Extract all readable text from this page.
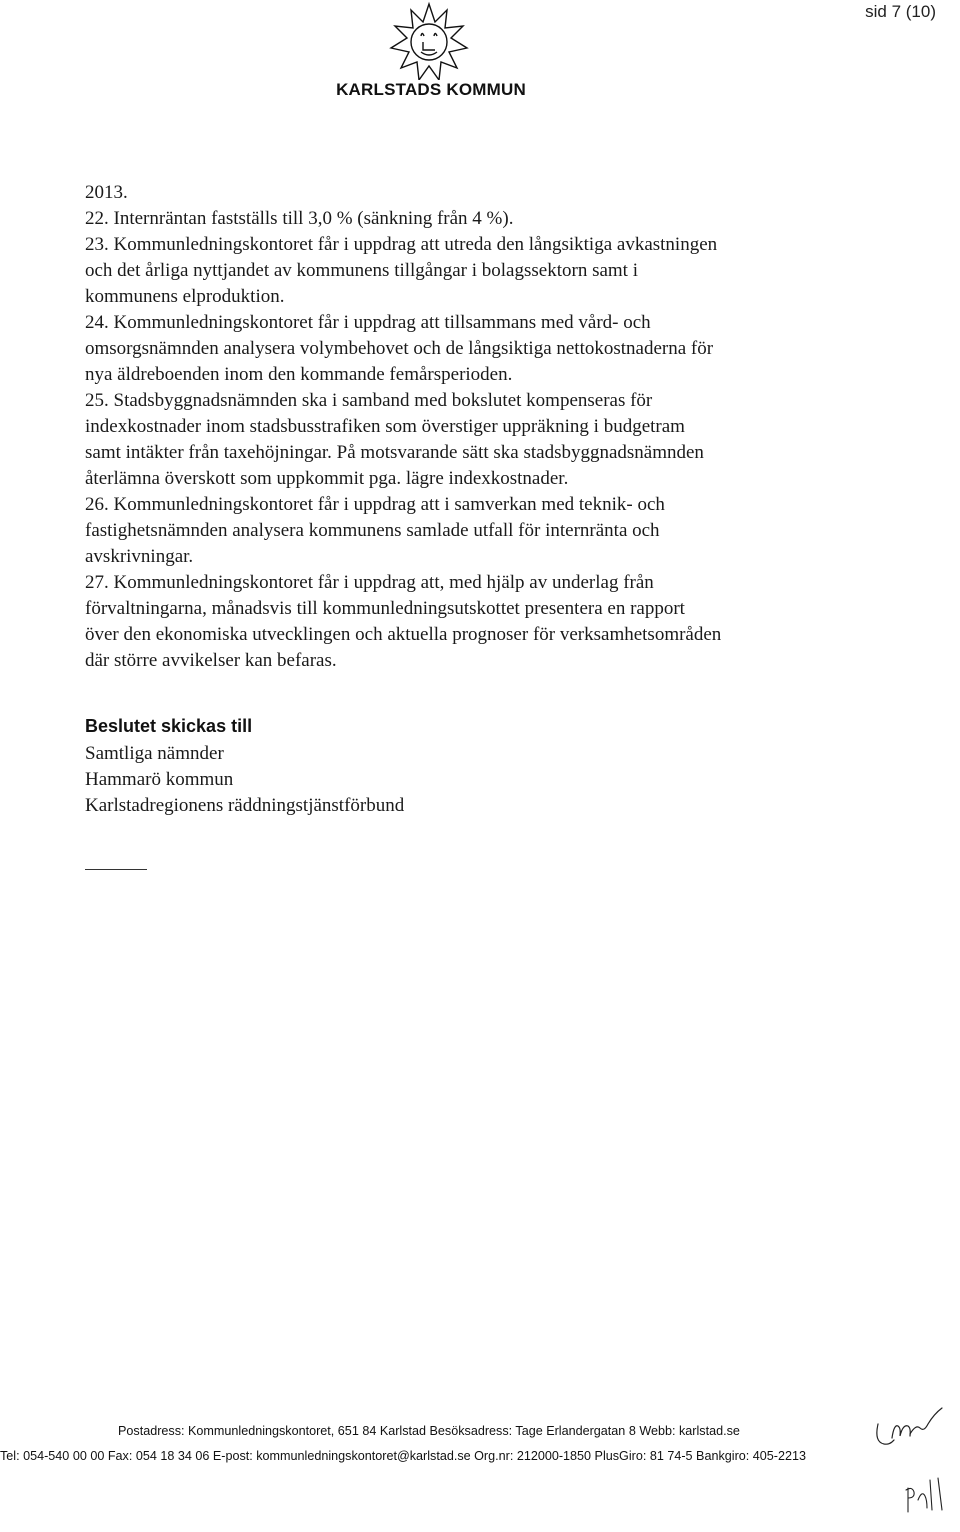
sid 7 (10)
KARLSTADS KOMMUN

2013.

22. Internräntan fastställs till 3,0 % (sänkning från 4 %).

23. Kommunledningskontoret får i uppdrag att utreda den långsiktiga avkastningen

och det årliga nyttjandet av kommunens tillgångar i bolagssektorn samt i

kommunens elproduktion.

24. Kommunledningskontoret får i uppdrag att tillsammans med vård- och

omsorgsnämnden analysera volymbehovet och de långsiktiga nettokostnaderna för

nya äldreboenden inom den kommande femårsperioden.

25. Stadsbyggnadsnämnden ska i samband med bokslutet kompenseras för

indexkostnader inom stadsbusstrafiken som överstiger uppräkning i budgetram

samt intäkter från taxehöjningar. På motsvarande sätt ska stadsbyggnadsnämnden

återlämna överskott som uppkommit pga. lägre indexkostnader.

26. Kommunledningskontoret får i uppdrag att i samverkan med teknik- och

fastighetsnämnden analysera kommunens samlade utfall för internränta och

avskrivningar.

27. Kommunledningskontoret får i uppdrag att, med hjälp av underlag från

förvaltningarna, månadsvis till kommunledningsutskottet presentera en rapport

över den ekonomiska utvecklingen och aktuella prognoser för verksamhetsområden

där större avvikelser kan befaras.

Beslutet skickas till
Samtliga nämnder
Hammarö kommun
Karlstadregionens räddningstjänstförbund
Postadress: Kommunledningskontoret, 651 84 Karlstad Besöksadress: Tage Erlandergatan 8 Webb: karlstad.se
Tel: 054-540 00 00 Fax: 054 18 34 06 E-post: kommunledningskontoret@karlstad.se Org.nr: 212000-1850 PlusGiro: 81 74-5 Bankgiro: 405-2213
